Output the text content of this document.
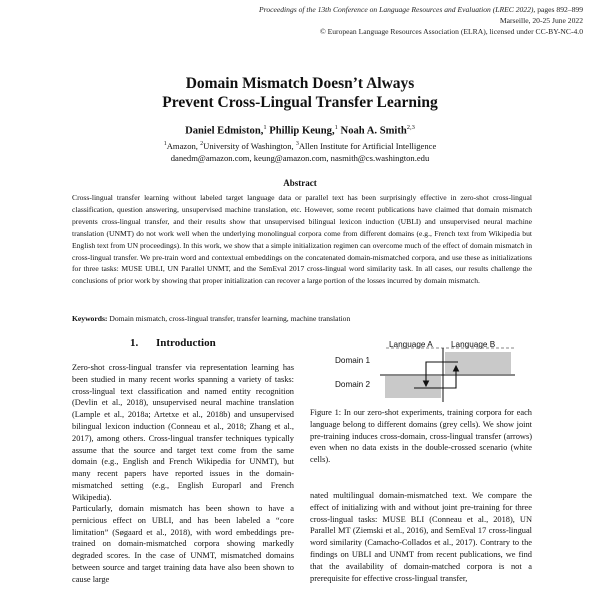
Proceedings of the 13th Conference on Language Resources and Evaluation (LREC 2022), pages 892–899
Marseille, 20-25 June 2022
© European Language Resources Association (ELRA), licensed under CC-BY-NC-4.0
Domain Mismatch Doesn’t Always
Prevent Cross-Lingual Transfer Learning
Daniel Edmiston,$^1$ Phillip Keung,$^1$ Noah A. Smith$^{2,3}$
$^1$Amazon, $^2$University of Washington, $^3$Allen Institute for Artificial Intelligence
danedm@amazon.com, keung@amazon.com, nasmith@cs.washington.edu
Abstract
Cross-lingual transfer learning without labeled target language data or parallel text has been surprisingly effective in zero-shot cross-lingual classification, question answering, unsupervised machine translation, etc. However, some recent publications have claimed that domain mismatch prevents cross-lingual transfer, and their results show that unsupervised bilingual lexicon induction (UBLI) and unsupervised neural machine translation (UNMT) do not work well when the underlying monolingual corpora come from different domains (e.g., French text from Wikipedia but English text from UN proceedings). In this work, we show that a simple initialization regimen can overcome much of the effect of domain mismatch in cross-lingual transfer. We pre-train word and contextual embeddings on the concatenated domain-mismatched corpora, and use these as initializations for three tasks: MUSE UBLI, UN Parallel UNMT, and the SemEval 2017 cross-lingual word similarity task. In all cases, our results challenge the conclusions of prior work by showing that proper initialization can recover a large portion of the losses incurred by domain mismatch.
Keywords: Domain mismatch, cross-lingual transfer, transfer learning, machine translation
1. Introduction

Zero-shot cross-lingual transfer via representation learning has been studied in many recent works spanning a variety of tasks: cross-lingual text classification and named entity recognition (Devlin et al., 2018), unsupervised neural machine translation (Lample et al., 2018a; Artetxe et al., 2018b) and unsupervised bilingual lexicon induction (Conneau et al., 2018; Zhang et al., 2017), among others. Cross-lingual transfer techniques typically assume that the source and target text come from the same domain (e.g., English and French Wikipedia for UNMT), but many recent papers have reported issues in the domain-mismatched setting (e.g., English Europarl and French Wikipedia).

Particularly, domain mismatch has been shown to have a pernicious effect on UBLI, and has been labeled a “core limitation” (Søgaard et al., 2018), with word embeddings pre-trained on domain-mismatched corpora showing markedly degraded scores. In the case of UNMT, mismatched domains between source and target training data have also been shown to cause large

Language A Language B
Domain 1
Domain 2

Figure 1: In our zero-shot experiments, training corpora for each language belong to different domains (grey cells). We show joint pre-training induces cross-domain, cross-lingual transfer (arrows) even when no data exists in the double-crossed scenario (white cells).

nated multilingual domain-mismatched text. We compare the effect of initializing with and without joint pre-training for three cross-lingual tasks: MUSE BLI (Conneau et al., 2018), UN Parallel MT (Ziemski et al., 2016), and SemEval 17 cross-lingual word similarity (Camacho-Collados et al., 2017). Contrary to the findings on UBLI and UNMT from recent publications, we find that the availability of domain-matched corpora is not a prerequisite for effective cross-lingual transfer,
